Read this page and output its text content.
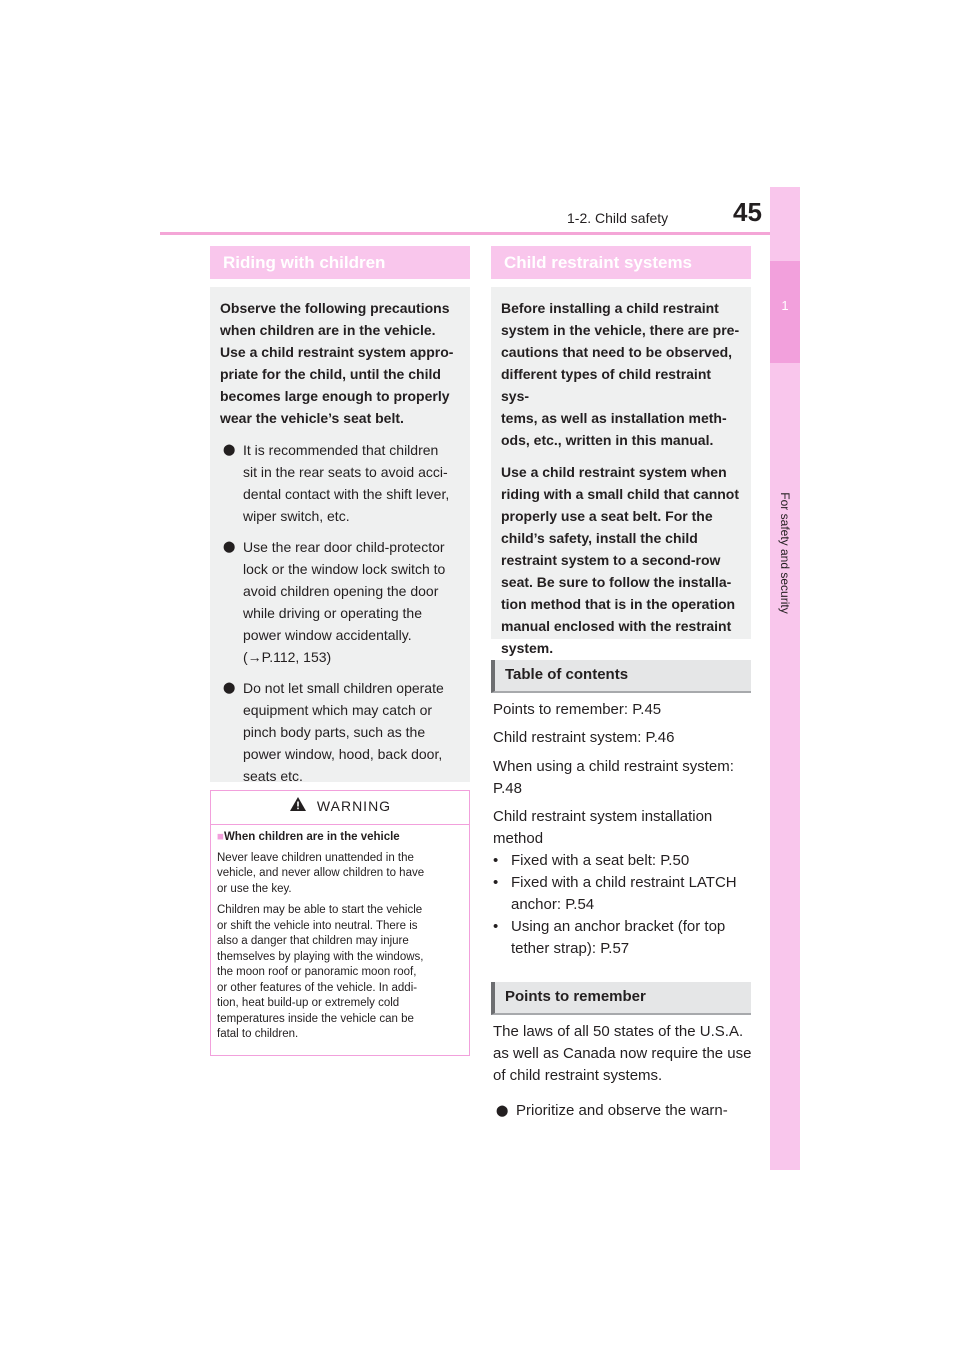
45
1-2. Child safety
1
For safety and security
Riding with children

Observe the following precautions
when children are in the vehicle.
Use a child restraint system appro-
priate for the child, until the child
becomes large enough to properly
wear the vehicle’s seat belt.

⬤ It is recommended that children
sit in the rear seats to avoid acci-
dental contact with the shift lever,
wiper switch, etc.
⬤ Use the rear door child-protector
lock or the window lock switch to
avoid children opening the door
while driving or operating the
power window accidentally.
(→P.112, 153)
⬤ Do not let small children operate
equipment which may catch or
pinch body parts, such as the
power window, hood, back door,
seats etc.
WARNING
■When children are in the vehicle

Never leave children unattended in the
vehicle, and never allow children to have
or use the key.

Children may be able to start the vehicle
or shift the vehicle into neutral. There is
also a danger that children may injure
themselves by playing with the windows,
the moon roof or panoramic moon roof,
or other features of the vehicle. In addi-
tion, heat build-up or extremely cold
temperatures inside the vehicle can be
fatal to children.

Child restraint systems

Before installing a child restraint
system in the vehicle, there are pre-
cautions that need to be observed,
different types of child restraint sys-
tems, as well as installation meth-
ods, etc., written in this manual.

Use a child restraint system when
riding with a small child that cannot
properly use a seat belt. For the
child’s safety, install the child
restraint system to a second-row
seat. Be sure to follow the installa-
tion method that is in the operation
manual enclosed with the restraint
system.

Table of contents
Points to remember: P.45
Child restraint system: P.46
When using a child restraint system:
P.48
Child restraint system installation
method
• Fixed with a seat belt: P.50
• Fixed with a child restraint LATCH
anchor: P.54
• Using an anchor bracket (for top
tether strap): P.57
Points to remember
The laws of all 50 states of the U.S.A.
as well as Canada now require the use
of child restraint systems.
⬤ Prioritize and observe the warn-
